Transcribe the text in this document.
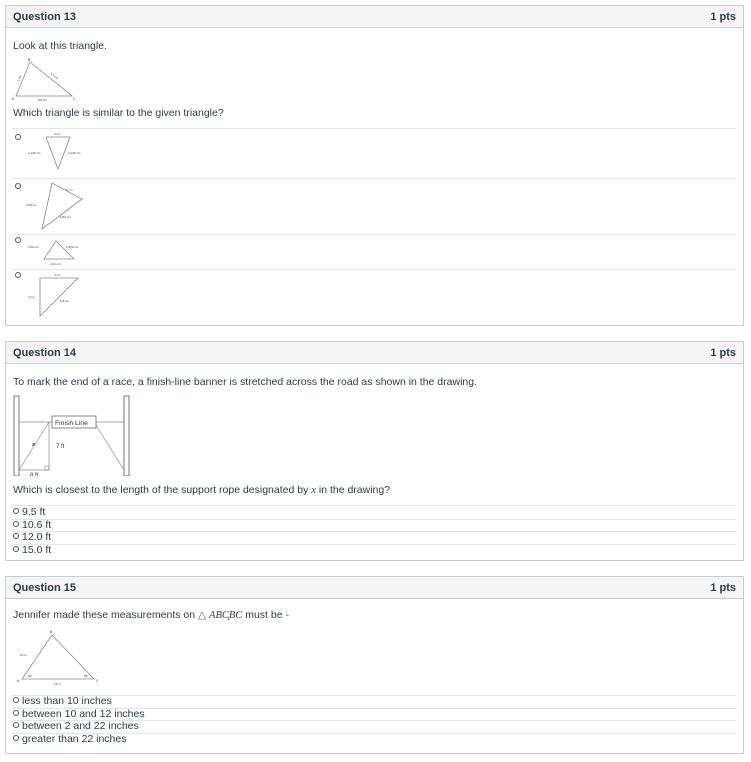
Question 13	1 pts
Look at this triangle.
B
A	C
3 cm	3.5 cm
5.5 cm
Which triangle is similar to the given triangle?
3 cm
4.125 cm	4.125 cm
3.60 cm
6 cm
6.83 cm
2.06 cm	1.820 cm
3.41 cm
6 cm
4 cm
5.5 cm
Question 14	1 pts
To mark the end of a race, a finish-line banner is stretched across the road as shown in the drawing.
Finish Line
x	7 ft
8 ft
Which is closest to the length of the support rope designated by x in the drawing?
9.5 ft
10.6 ft
12.0 ft
15.0 ft
Question 15	1 pts
Jennifer made these measurements on △ ABC̨BC must be -
B
A	C
10 in
12 in
60°	50°
less than 10 inches
between 10 and 12 inches
between 2 and 22 inches
greater than 22 inches
